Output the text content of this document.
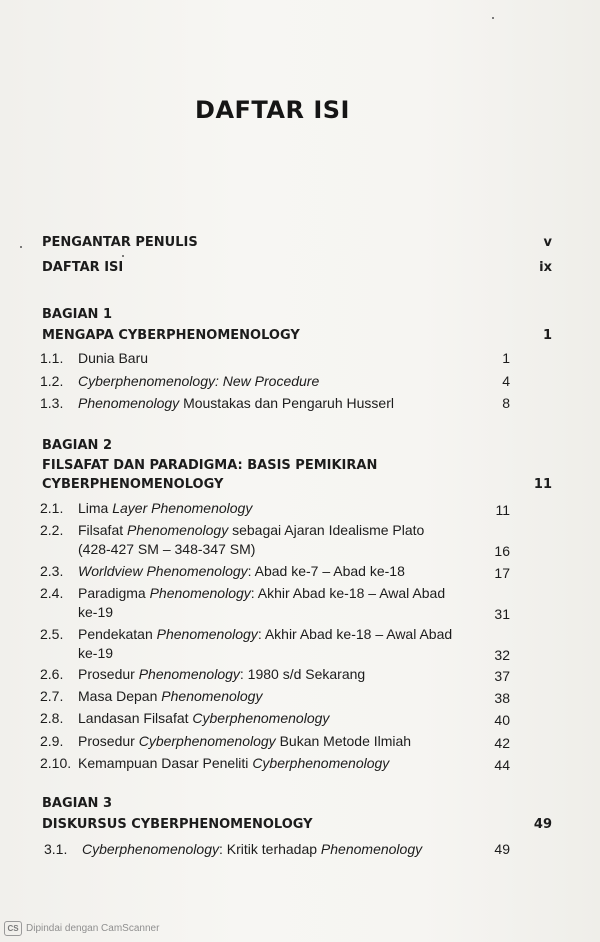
DAFTAR ISI
PENGANTAR PENULIS	v
DAFTAR ISI	ix
BAGIAN 1
MENGAPA CYBERPHENOMENOLOGY	1
1.1. Dunia Baru	1
1.2. Cyberphenomenology: New Procedure	4
1.3. Phenomenology Moustakas dan Pengaruh Husserl	8
BAGIAN 2
FILSAFAT DAN PARADIGMA: BASIS PEMIKIRAN
CYBERPHENOMENOLOGY	11
2.1. Lima Layer Phenomenology	11
2.2. Filsafat Phenomenology sebagai Ajaran Idealisme Plato
(428-427 SM – 348-347 SM)	16
2.3. Worldview Phenomenology: Abad ke-7 – Abad ke-18	17
2.4. Paradigma Phenomenology: Akhir Abad ke-18 – Awal Abad
ke-19	31
2.5. Pendekatan Phenomenology: Akhir Abad ke-18 – Awal Abad
ke-19	32
2.6. Prosedur Phenomenology: 1980 s/d Sekarang	37
2.7. Masa Depan Phenomenology	38
2.8. Landasan Filsafat Cyberphenomenology	40
2.9. Prosedur Cyberphenomenology Bukan Metode Ilmiah	42
2.10. Kemampuan Dasar Peneliti Cyberphenomenology	44
BAGIAN 3
DISKURSUS CYBERPHENOMENOLOGY	49
3.1. Cyberphenomenology: Kritik terhadap Phenomenology	49
CS Dipindai dengan CamScanner
